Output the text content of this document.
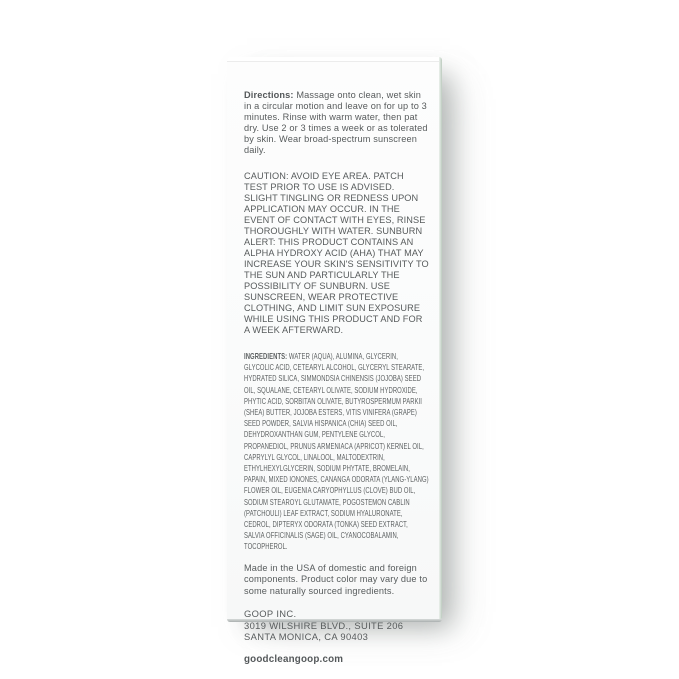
Directions: Massage onto clean, wet skin in a circular motion and leave on for up to 3 minutes. Rinse with warm water, then pat dry. Use 2 or 3 times a week or as tolerated by skin. Wear broad-spectrum sunscreen daily.

CAUTION: AVOID EYE AREA. PATCH TEST PRIOR TO USE IS ADVISED. SLIGHT TINGLING OR REDNESS UPON APPLICATION MAY OCCUR. IN THE EVENT OF CONTACT WITH EYES, RINSE THOROUGHLY WITH WATER. SUNBURN ALERT: THIS PRODUCT CONTAINS AN ALPHA HYDROXY ACID (AHA) THAT MAY INCREASE YOUR SKIN'S SENSITIVITY TO THE SUN AND PARTICULARLY THE POSSIBILITY OF SUNBURN. USE SUNSCREEN, WEAR PROTECTIVE CLOTHING, AND LIMIT SUN EXPOSURE WHILE USING THIS PRODUCT AND FOR A WEEK AFTERWARD.

INGREDIENTS: WATER (AQUA), ALUMINA, GLYCERIN, GLYCOLIC ACID, CETEARYL ALCOHOL, GLYCERYL STEARATE, HYDRATED SILICA, SIMMONDSIA CHINENSIS (JOJOBA) SEED OIL, SQUALANE, CETEARYL OLIVATE, SODIUM HYDROXIDE, PHYTIC ACID, SORBITAN OLIVATE, BUTYROSPERMUM PARKII (SHEA) BUTTER, JOJOBA ESTERS, VITIS VINIFERA (GRAPE) SEED POWDER, SALVIA HISPANICA (CHIA) SEED OIL, DEHYDROXANTHAN GUM, PENTYLENE GLYCOL, PROPANEDIOL, PRUNUS ARMENIACA (APRICOT) KERNEL OIL, CAPRYLYL GLYCOL, LINALOOL, MALTODEXTRIN, ETHYLHEXYLGLYCERIN, SODIUM PHYTATE, BROMELAIN, PAPAIN, MIXED IONONES, CANANGA ODORATA (YLANG-YLANG) FLOWER OIL, EUGENIA CARYOPHYLLUS (CLOVE) BUD OIL, SODIUM STEAROYL GLUTAMATE, POGOSTEMON CABLIN (PATCHOULI) LEAF EXTRACT, SODIUM HYALURONATE, CEDROL, DIPTERYX ODORATA (TONKA) SEED EXTRACT, SALVIA OFFICINALIS (SAGE) OIL, CYANOCOBALAMIN, TOCOPHEROL.

Made in the USA of domestic and foreign components. Product color may vary due to some naturally sourced ingredients.

GOOP INC.
3019 WILSHIRE BLVD., SUITE 206
SANTA MONICA, CA 90403

goodcleangoop.com
